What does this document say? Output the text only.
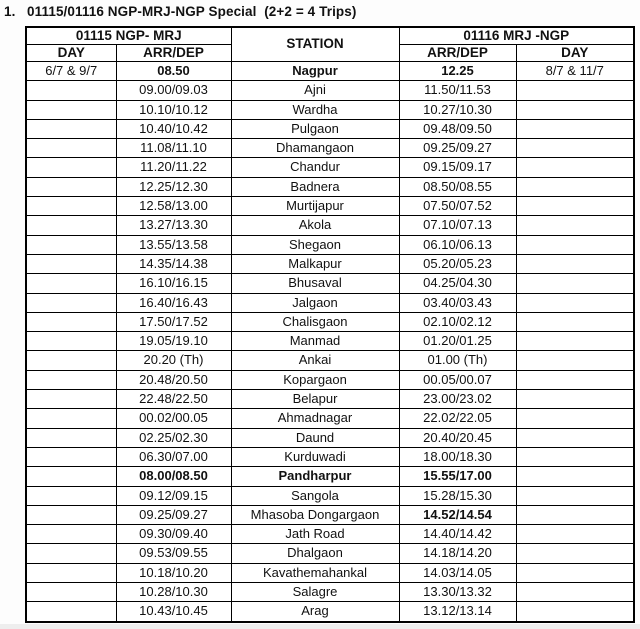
1. 01115/01116 NGP-MRJ-NGP Special  (2+2 = 4 Trips)
01115 NGP- MRJ		STATION	01116 MRJ -NGP	
DAY	ARR/DEP		ARR/DEP	DAY
6/7 & 9/7	08.50	Nagpur	12.25	8/7 & 11/7
	09.00/09.03	Ajni	11.50/11.53	
	10.10/10.12	Wardha	10.27/10.30	
	10.40/10.42	Pulgaon	09.48/09.50	
	11.08/11.10	Dhamangaon	09.25/09.27	
	11.20/11.22	Chandur	09.15/09.17	
	12.25/12.30	Badnera	08.50/08.55	
	12.58/13.00	Murtijapur	07.50/07.52	
	13.27/13.30	Akola	07.10/07.13	
	13.55/13.58	Shegaon	06.10/06.13	
	14.35/14.38	Malkapur	05.20/05.23	
	16.10/16.15	Bhusaval	04.25/04.30	
	16.40/16.43	Jalgaon	03.40/03.43	
	17.50/17.52	Chalisgaon	02.10/02.12	
	19.05/19.10	Manmad	01.20/01.25	
	20.20 (Th)	Ankai	01.00 (Th)	
	20.48/20.50	Kopargaon	00.05/00.07	
	22.48/22.50	Belapur	23.00/23.02	
	00.02/00.05	Ahmadnagar	22.02/22.05	
	02.25/02.30	Daund	20.40/20.45	
	06.30/07.00	Kurduwadi	18.00/18.30	
	08.00/08.50	Pandharpur	15.55/17.00	
	09.12/09.15	Sangola	15.28/15.30	
	09.25/09.27	Mhasoba Dongargaon	14.52/14.54	
	09.30/09.40	Jath Road	14.40/14.42	
	09.53/09.55	Dhalgaon	14.18/14.20	
	10.18/10.20	Kavathemahankal	14.03/14.05	
	10.28/10.30	Salagre	13.30/13.32	
	10.43/10.45	Arag	13.12/13.14	
